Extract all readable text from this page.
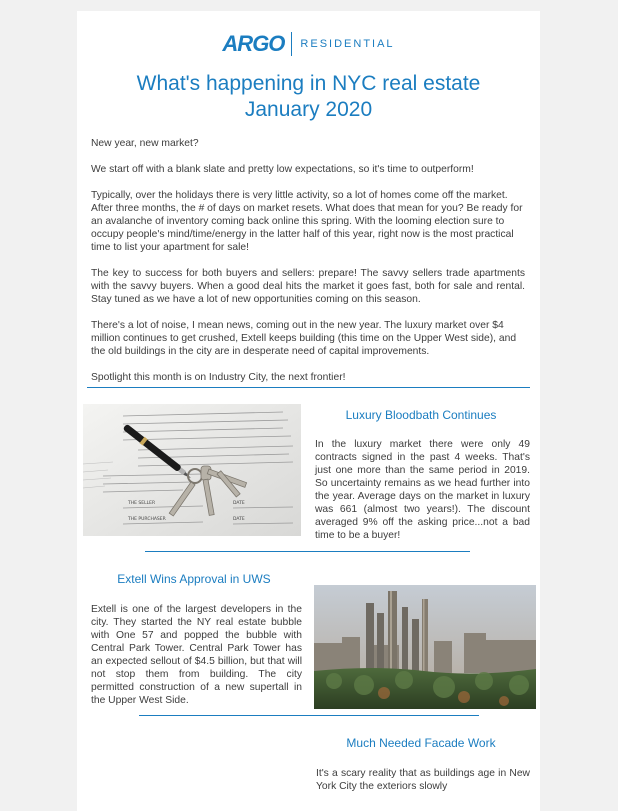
ARGO RESIDENTIAL
What's happening in NYC real estate
January 2020

New year, new market?

We start off with a blank slate and pretty low expectations, so it's time to outperform!

Typically, over the holidays there is very little activity, so a lot of homes come off the market. After three months, the # of days on market resets. What does that mean for you? Be ready for an avalanche of inventory coming back online this spring. With the looming election sure to occupy people's mind/time/energy in the latter half of this year, right now is the most practical time to list your apartment for sale!

The key to success for both buyers and sellers: prepare! The savvy sellers trade apartments with the savvy buyers. When a good deal hits the market it goes fast, both for sale and rental. Stay tuned as we have a lot of new opportunities coming on this season.

There's a lot of noise, I mean news, coming out in the new year. The luxury market over $4 million continues to get crushed, Extell keeps building (this time on the Upper West side), and the old buildings in the city are in desperate need of capital improvements.

Spotlight this month is on Industry City, the next frontier!

THE SELLER	DATE
THE PURCHASER	DATE
Luxury Bloodbath Continues
In the luxury market there were only 49 contracts signed in the past 4 weeks. That's just one more than the same period in 2019. So uncertainty remains as we head further into the year. Average days on the market in luxury was 661 (almost two years!). The discount averaged 9% off the asking price...not a bad time to be a buyer!
Extell Wins Approval in UWS
Extell is one of the largest developers in the city. They started the NY real estate bubble with One 57 and popped the bubble with Central Park Tower. Central Park Tower has an expected sellout of $4.5 billion, but that will not stop them from building. The city permitted construction of a new supertall in the Upper West Side.
Much Needed Facade Work
It's a scary reality that as buildings age in New York City the exteriors slowly
